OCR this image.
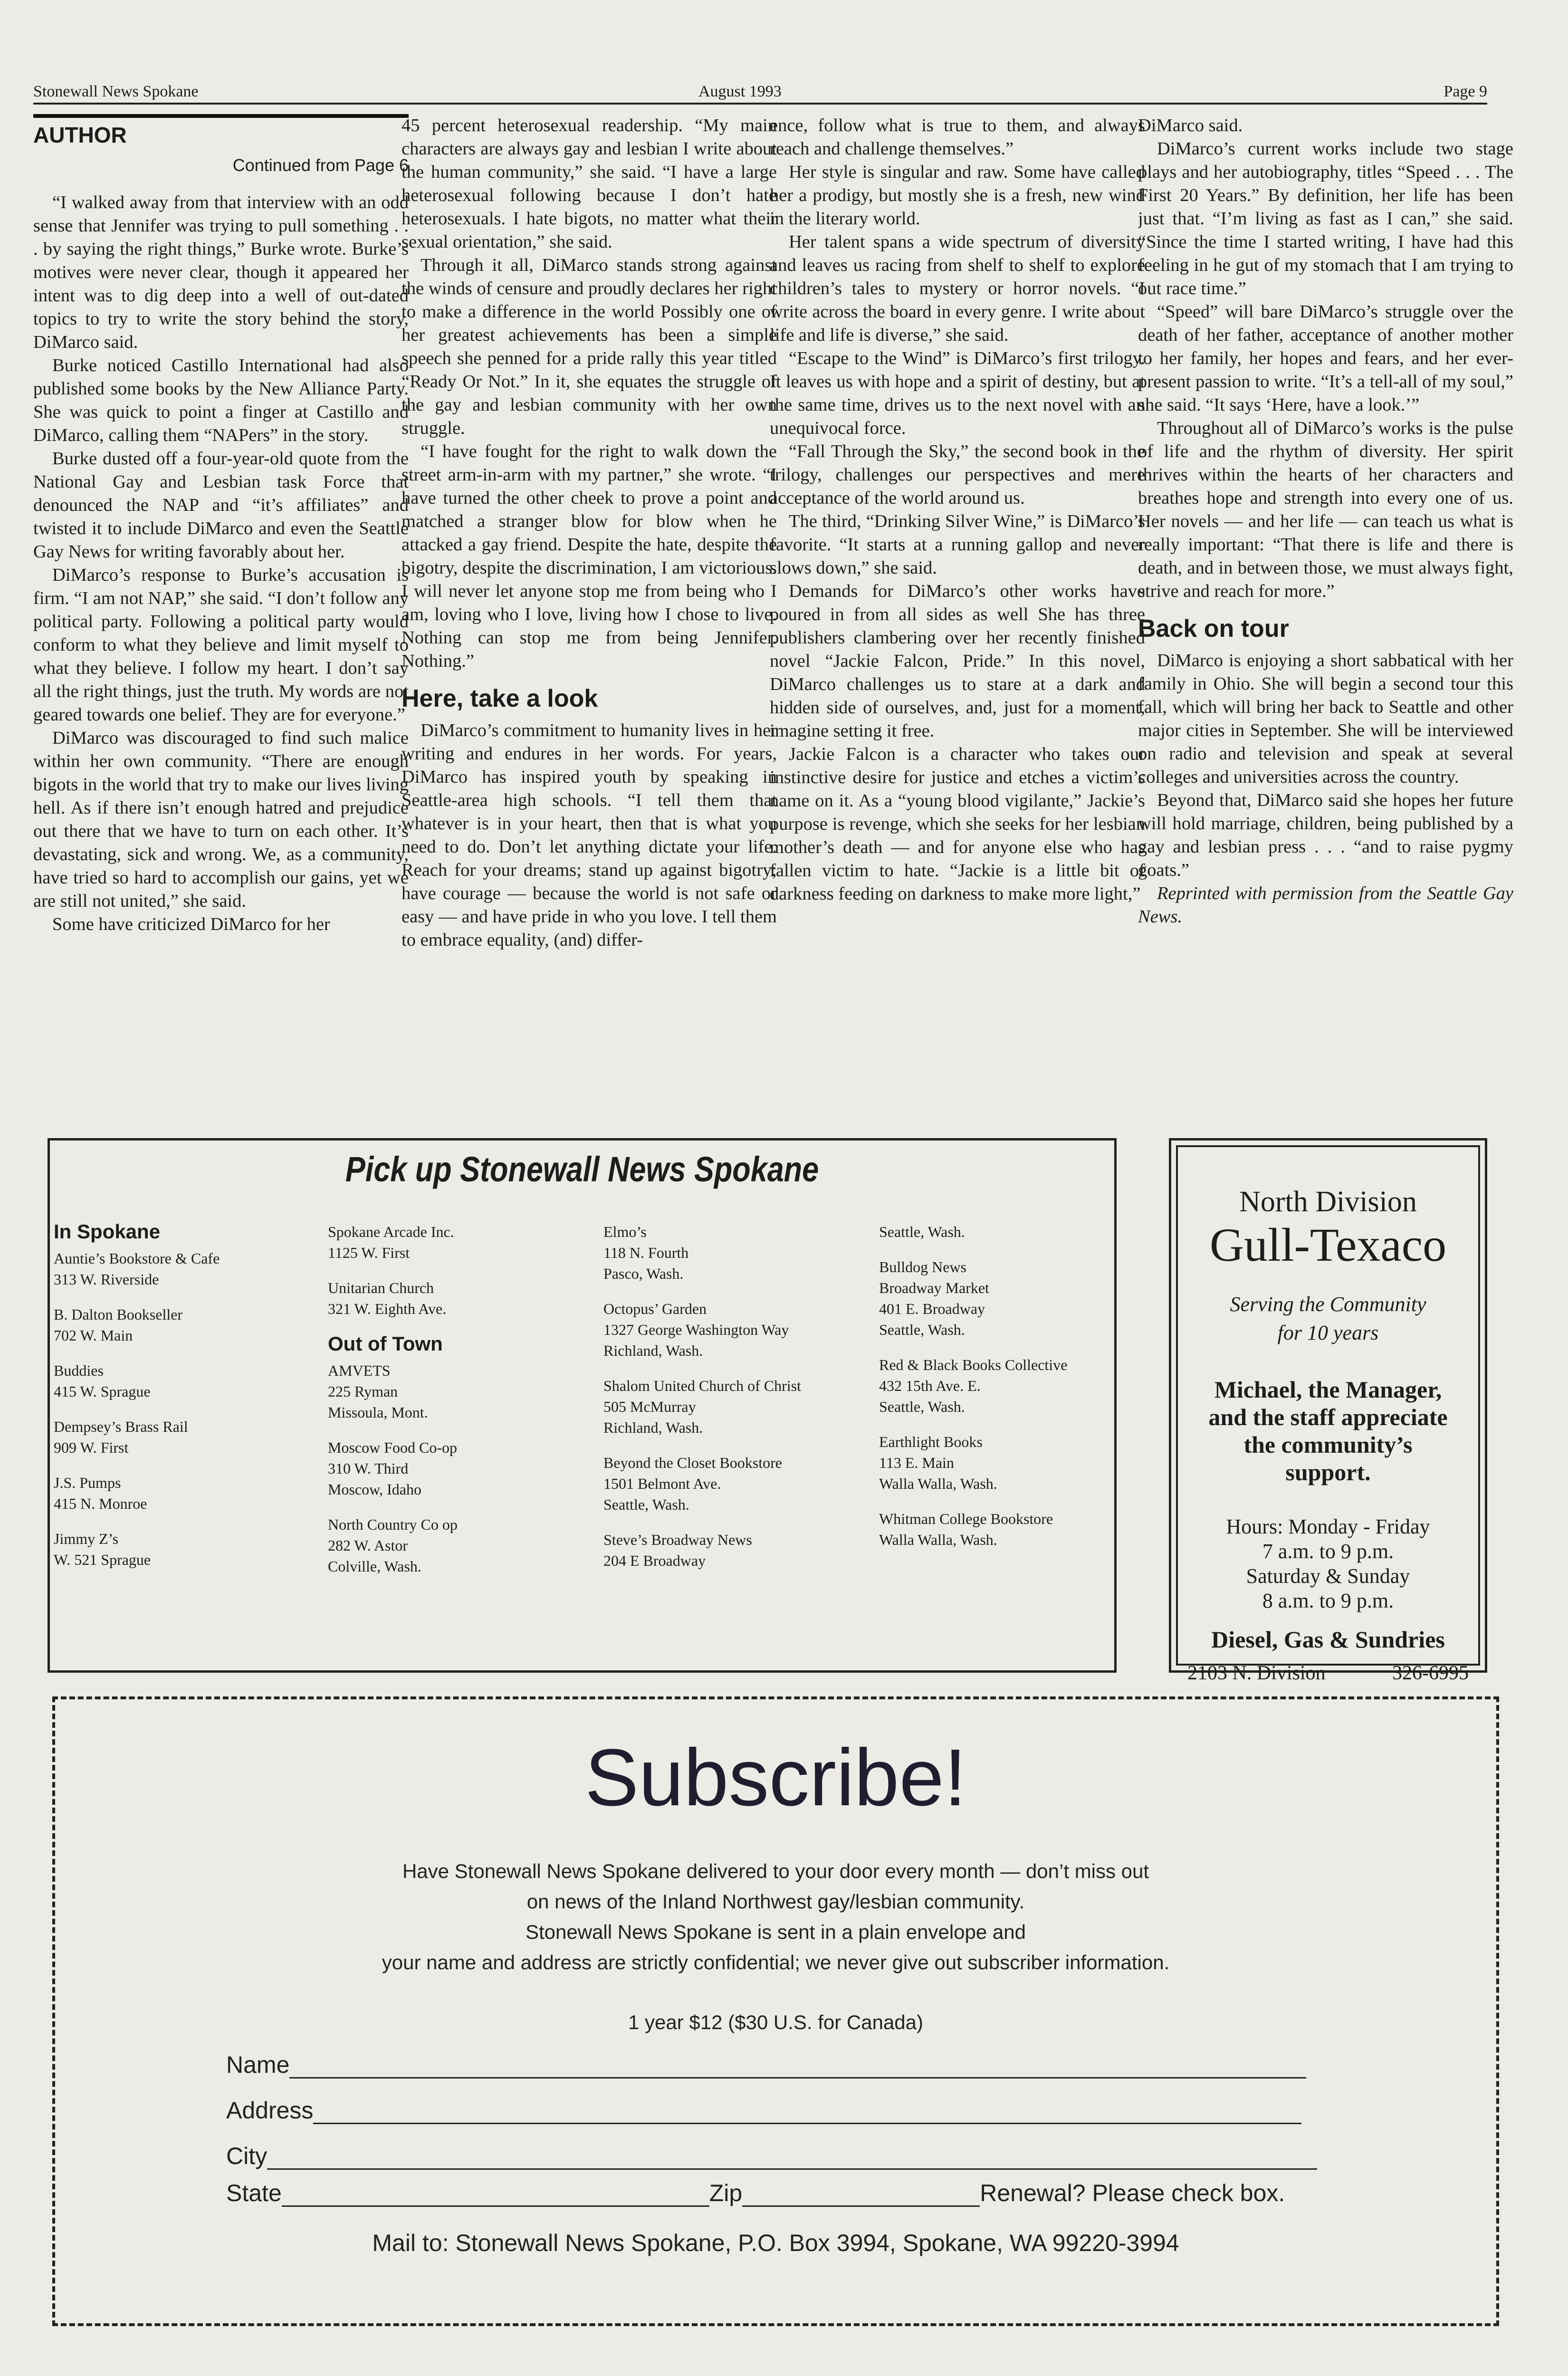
Stonewall News Spokane	August 1993	Page 9
AUTHOR

Continued from Page 6

“I walked away from that interview with an odd sense that Jennifer was trying to pull something . . . by saying the right things,” Burke wrote. Burke’s motives were never clear, though it appeared her intent was to dig deep into a well of out-dated topics to try to write the story behind the story, DiMarco said.

Burke noticed Castillo International had also published some books by the New Alliance Party. She was quick to point a finger at Castillo and DiMarco, calling them “NAPers” in the story.

Burke dusted off a four-year-old quote from the National Gay and Lesbian task Force that denounced the NAP and “it’s affiliates” and twisted it to include DiMarco and even the Seattle Gay News for writing favorably about her.

DiMarco’s response to Burke’s accusation is firm. “I am not NAP,” she said. “I don’t follow any political party. Following a political party would conform to what they believe and limit myself to what they believe. I follow my heart. I don’t say all the right things, just the truth. My words are not geared towards one belief. They are for everyone.”

DiMarco was discouraged to find such malice within her own community. “There are enough bigots in the world that try to make our lives living hell. As if there isn’t enough hatred and prejudice out there that we have to turn on each other. It’s devastating, sick and wrong. We, as a community, have tried so hard to accomplish our gains, yet we are still not united,” she said.

Some have criticized DiMarco for her

45 percent heterosexual readership. “My main characters are always gay and lesbian I write about the human community,” she said. “I have a large heterosexual following because I don’t hate heterosexuals. I hate bigots, no matter what their sexual orientation,” she said.

Through it all, DiMarco stands strong against the winds of censure and proudly declares her right to make a difference in the world Possibly one of her greatest achievements has been a simple speech she penned for a pride rally this year titled “Ready Or Not.” In it, she equates the struggle of the gay and lesbian community with her own struggle.

“I have fought for the right to walk down the street arm-in-arm with my partner,” she wrote. “I have turned the other cheek to prove a point and matched a stranger blow for blow when he attacked a gay friend. Despite the hate, despite the bigotry, despite the discrimination, I am victorious. I will never let anyone stop me from being who I am, loving who I love, living how I chose to live. Nothing can stop me from being Jennifer. Nothing.”

Here, take a look

DiMarco’s commitment to humanity lives in her writing and endures in her words. For years, DiMarco has inspired youth by speaking in Seattle-area high schools. “I tell them that whatever is in your heart, then that is what you need to do. Don’t let anything dictate your life. Reach for your dreams; stand up against bigotry; have courage — because the world is not safe or easy — and have pride in who you love. I tell them to embrace equality, (and) differ-

ence, follow what is true to them, and always reach and challenge themselves.”

Her style is singular and raw. Some have called her a prodigy, but mostly she is a fresh, new wind in the literary world.

Her talent spans a wide spectrum of diversity and leaves us racing from shelf to shelf to explore children’s tales to mystery or horror novels. “I write across the board in every genre. I write about life and life is diverse,” she said.

“Escape to the Wind” is DiMarco’s first trilogy. It leaves us with hope and a spirit of destiny, but at the same time, drives us to the next novel with an unequivocal force.

“Fall Through the Sky,” the second book in the trilogy, challenges our perspectives and mere acceptance of the world around us.

The third, “Drinking Silver Wine,” is DiMarco’s favorite. “It starts at a running gallop and never slows down,” she said.

Demands for DiMarco’s other works have poured in from all sides as well She has three publishers clambering over her recently finished novel “Jackie Falcon, Pride.” In this novel, DiMarco challenges us to stare at a dark and hidden side of ourselves, and, just for a moment, imagine setting it free.

Jackie Falcon is a character who takes our instinctive desire for justice and etches a victim’s name on it. As a “young blood vigilante,” Jackie’s purpose is revenge, which she seeks for her lesbian mother’s death — and for anyone else who has fallen victim to hate. “Jackie is a little bit of darkness feeding on darkness to make more light,”

DiMarco said.

DiMarco’s current works include two stage plays and her autobiography, titles “Speed . . . The First 20 Years.” By definition, her life has been just that. “I’m living as fast as I can,” she said. “Since the time I started writing, I have had this feeling in he gut of my stomach that I am trying to out race time.”

“Speed” will bare DiMarco’s struggle over the death of her father, acceptance of another mother to her family, her hopes and fears, and her ever-present passion to write. “It’s a tell-all of my soul,” she said. “It says ‘Here, have a look.’”

Throughout all of DiMarco’s works is the pulse of life and the rhythm of diversity. Her spirit thrives within the hearts of her characters and breathes hope and strength into every one of us. Her novels — and her life — can teach us what is really important: “That there is life and there is death, and in between those, we must always fight, strive and reach for more.”

Back on tour

DiMarco is enjoying a short sabbatical with her family in Ohio. She will begin a second tour this fall, which will bring her back to Seattle and other major cities in September. She will be interviewed on radio and television and speak at several colleges and universities across the country.

Beyond that, DiMarco said she hopes her future will hold marriage, children, being published by a gay and lesbian press . . . “and to raise pygmy goats.”

Reprinted with permission from the Seattle Gay News.

Pick up Stonewall News Spokane
In Spokane
Auntie’s Bookstore & Cafe
313 W. Riverside
B. Dalton Bookseller
702 W. Main
Buddies
415 W. Sprague
Dempsey’s Brass Rail
909 W. First
J.S. Pumps
415 N. Monroe
Jimmy Z’s
W. 521 Sprague
Spokane Arcade Inc.
1125 W. First
Unitarian Church
321 W. Eighth Ave.
Out of Town
AMVETS
225 Ryman
Missoula, Mont.
Moscow Food Co-op
310 W. Third
Moscow, Idaho
North Country Co op
282 W. Astor
Colville, Wash.
Elmo’s
118 N. Fourth
Pasco, Wash.
Octopus’ Garden
1327 George Washington Way
Richland, Wash.
Shalom United Church of Christ
505 McMurray
Richland, Wash.
Beyond the Closet Bookstore
1501 Belmont Ave.
Seattle, Wash.
Steve’s Broadway News
204 E Broadway
Seattle, Wash.
Bulldog News
Broadway Market
401 E. Broadway
Seattle, Wash.
Red & Black Books Collective
432 15th Ave. E.
Seattle, Wash.
Earthlight Books
113 E. Main
Walla Walla, Wash.
Whitman College Bookstore
Walla Walla, Wash.
North Division
Gull-Texaco
Serving the Community
for 10 years
Michael, the Manager,
and the staff appreciate
the community’s
support.
Hours: Monday - Friday
7 a.m. to 9 p.m.
Saturday & Sunday
8 a.m. to 9 p.m.
Diesel, Gas & Sundries
2103 N. Division	326-6995
Subscribe!
Have Stonewall News Spokane delivered to your door every month — don’t miss out
on news of the Inland Northwest gay/lesbian community.
Stonewall News Spokane is sent in a plain envelope and
your name and address are strictly confidential; we never give out subscriber information.
1 year $12 ($30 U.S. for Canada)
Name
Address
City
State	Zip	Renewal? Please check box.
Mail to: Stonewall News Spokane, P.O. Box 3994, Spokane, WA 99220-3994
